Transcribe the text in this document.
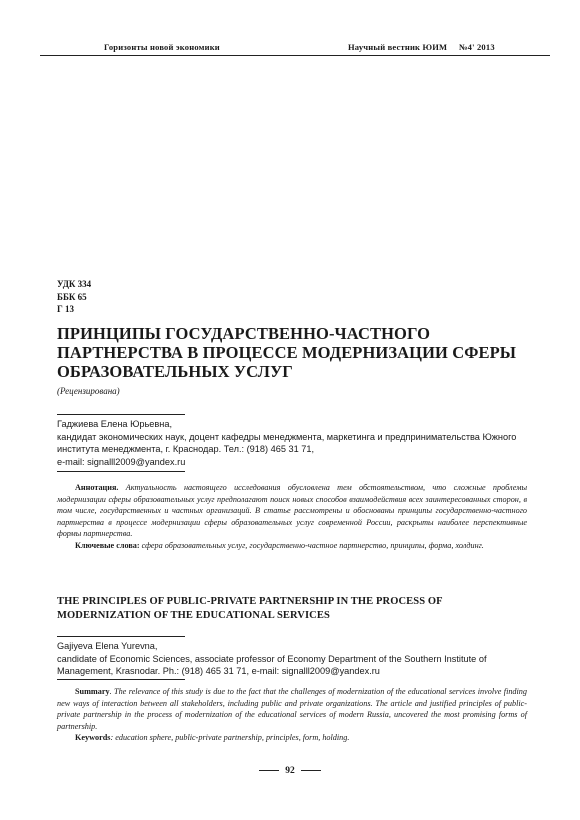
Горизонты новой экономики	Научный вестник ЮИМ     №4' 2013
УДК 334
ББК 65
Г 13
ПРИНЦИПЫ ГОСУДАРСТВЕННО-ЧАСТНОГО ПАРТНЕРСТВА В ПРОЦЕССЕ МОДЕРНИЗАЦИИ СФЕРЫ ОБРАЗОВАТЕЛЬНЫХ УСЛУГ
(Рецензирована)
Гаджиева Елена Юрьевна,
кандидат экономических наук, доцент кафедры менеджмента, маркетинга и предпринимательства Южного института менеджмента, г. Краснодар. Тел.: (918) 465 31 71,
e-mail: signalll2009@yandex.ru

Аннотация. Актуальность настоящего исследования обусловлена тем обстоятельством, что сложные проблемы модернизации сферы образовательных услуг предполагают поиск новых способов взаимодействия всех заинтересованных сторон, в том числе, государственных и частных организаций. В статье рассмотрены и обоснованы принципы государственно-частного партнерства в процессе модернизации сферы образовательных услуг современной России, раскрыты наиболее перспективные формы партнерства.

Ключевые слова: сфера образовательных услуг, государственно-частное партнерство, принципы, форма, холдинг.

THE PRINCIPLES OF PUBLIC-PRIVATE PARTNERSHIP IN THE PROCESS OF MODERNIZATION OF THE EDUCATIONAL SERVICES
Gajiyeva Elena Yurevna,
candidate of Economic Sciences, associate professor of Economy Department of the Southern Institute of Management, Krasnodar. Ph.: (918) 465 31 71, e-mail: signalll2009@yandex.ru

Summary. The relevance of this study is due to the fact that the challenges of modernization of the educational services involve finding new ways of interaction between all stakeholders, including public and private organizations. The article and justified principles of public-private partnership in the process of modernization of the educational services of modern Russia, uncovered the most promising forms of partnership.

Keywords: education sphere, public-private partnership, principles, form, holding.

92
